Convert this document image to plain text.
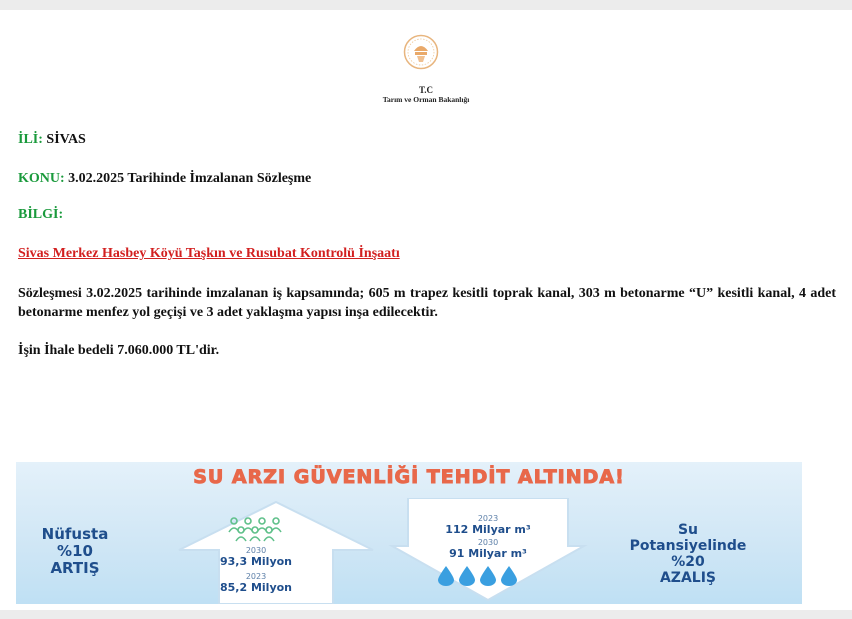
T.C
Tarım ve Orman Bakanlığı
İLİ: SİVAS
KONU: 3.02.2025 Tarihinde İmzalanan Sözleşme
BİLGİ:
Sivas Merkez Hasbey Köyü Taşkın ve Rusubat Kontrolü İnşaatı
Sözleşmesi 3.02.2025 tarihinde imzalanan iş kapsamında; 605 m trapez kesitli toprak kanal, 303 m betonarme “U” kesitli kanal, 4 adet betonarme menfez yol geçişi ve 3 adet yaklaşma yapısı inşa edilecektir.
İşin İhale bedeli 7.060.000 TL'dir.
SU ARZI GÜVENLİĞİ TEHDİT ALTINDA!
Nüfusta
%10
ARTIŞ
2030
93,3 Milyon
2023
85,2 Milyon
2023
112 Milyar m³
2030
91 Milyar m³
Su
Potansiyelinde
%20
AZALIŞ
